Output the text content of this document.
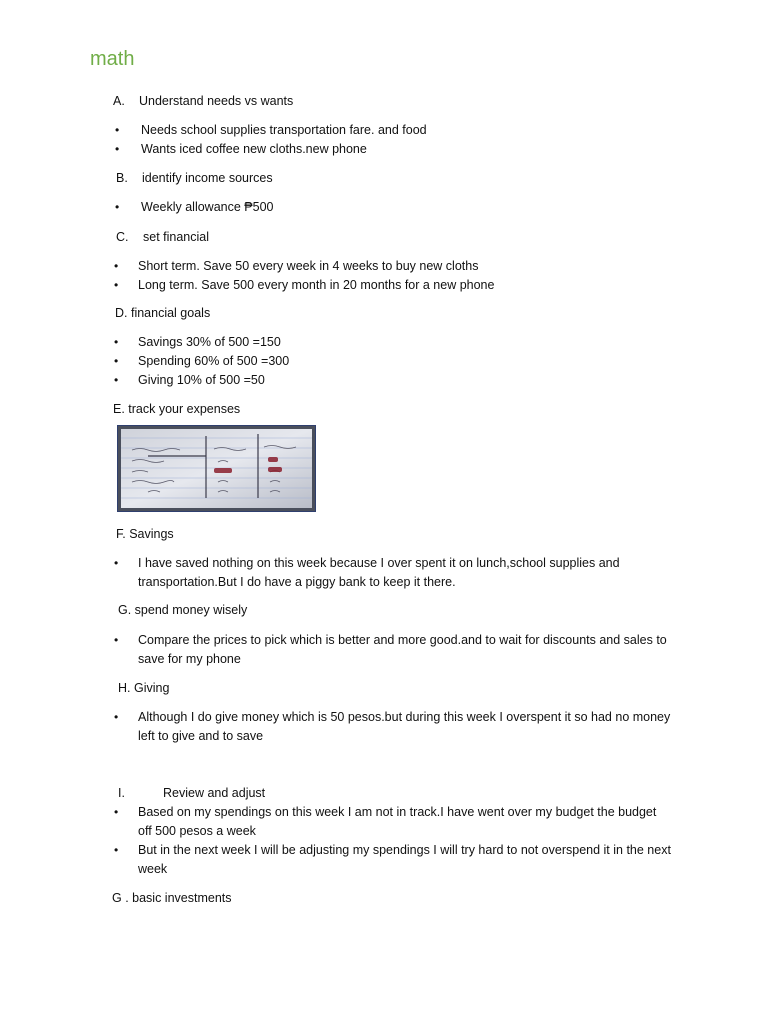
math
A. Understand needs vs wants
• Needs school supplies transportation fare. and food
• Wants iced coffee new cloths.new phone
B. identify income sources
• Weekly allowance ₱500
C. set financial
• Short term. Save 50 every week in 4 weeks to buy new cloths
• Long term. Save 500 every month in 20 months for a new phone
D. financial goals
• Savings 30% of 500 =150
• Spending 60% of 500 =300
• Giving 10% of 500 =50
E. track your expenses
F. Savings
• I have saved nothing on this week because I over spent it on lunch,school supplies and transportation.But I do have a piggy bank to keep it there.
G. spend money wisely
• Compare the prices to pick which is better and more good.and to wait for discounts and sales to save for my phone
H. Giving
• Although I do give money which is 50 pesos.but during this week I overspent it so had no money left to give and to save
I.	Review and adjust
• Based on my spendings on this week I am not in track.I have went over my budget the budget off 500 pesos a week
• But in the next week I will be adjusting my spendings I will try hard to not overspend it in the next week
G . basic investments
